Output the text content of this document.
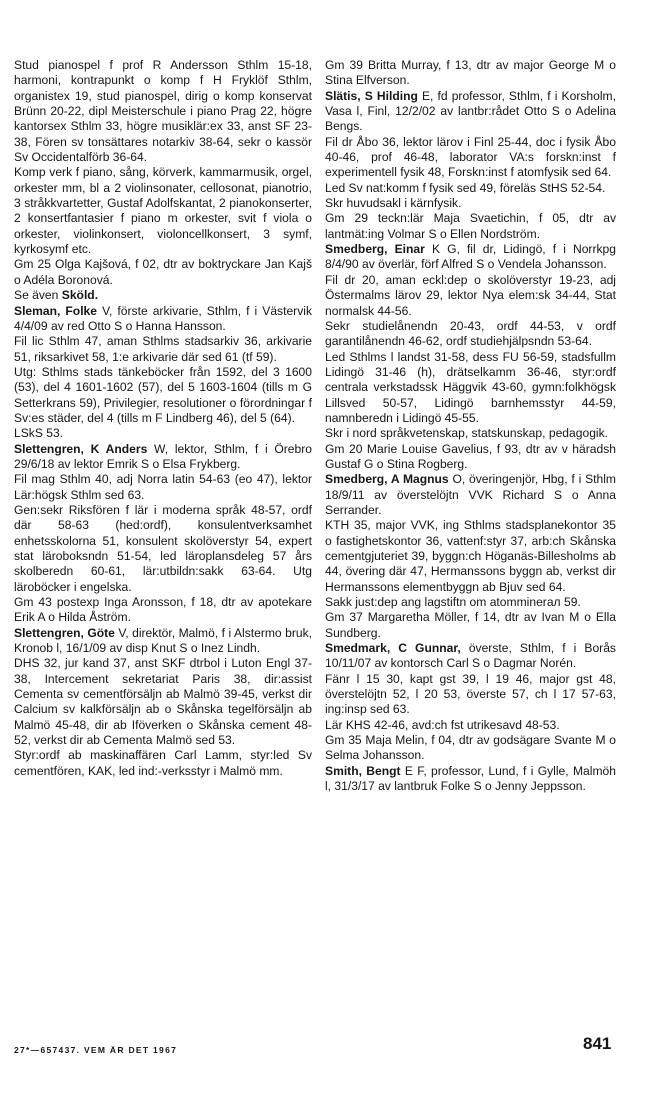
Stud pianospel f prof R Andersson Sthlm 15-18, harmoni, kontrapunkt o komp f H Fryklöf Sthlm, organistex 19, stud pianospel, dirig o komp konservat Brünn 20-22, dipl Meisterschule i piano Prag 22, högre kantorsex Sthlm 33, högre musiklär:ex 33, anst SF 23-38, Fören sv tonsättares notarkiv 38-64, sekr o kassör Sv Occidentalförb 36-64.

Komp verk f piano, sång, körverk, kammarmusik, orgel, orkester mm, bl a 2 violinsonater, cellosonat, pianotrio, 3 stråkkvartetter, Gustaf Adolfskantat, 2 pianokonserter, 2 konsertfantasier f piano m orkester, svit f viola o orkester, violinkonsert, violoncellkonsert, 3 symf, kyrkosymf etc.

Gm 25 Olga Kajšová, f 02, dtr av boktryckare Jan Kajš o Adéla Boronová.

Se även Sköld.

Sleman, Folke V, förste arkivarie, Sthlm, f i Västervik 4/4/09 av red Otto S o Hanna Hansson.

Fil lic Sthlm 47, aman Sthlms stadsarkiv 36, arkivarie 51, riksarkivet 58, 1:e arkivarie där sed 61 (tf 59).

Utg: Sthlms stads tänkeböcker från 1592, del 3 1600 (53), del 4 1601-1602 (57), del 5 1603-1604 (tills m G Setterkrans 59), Privilegier, resolutioner o förordningar f Sv:es städer, del 4 (tills m F Lindberg 46), del 5 (64).

LSkS 53.

Slettengren, K Anders W, lektor, Sthlm, f i Örebro 29/6/18 av lektor Emrik S o Elsa Frykberg.

Fil mag Sthlm 40, adj Norra latin 54-63 (eo 47), lektor Lär:högsk Sthlm sed 63.

Gen:sekr Riksfören f lär i moderna språk 48-57, ordf där 58-63 (hed:ordf), konsulentverksamhet enhetsskolorna 51, konsulent skolöverstyr 54, expert stat läroboksndn 51-54, led läroplansdeleg 57 års skolberedn 60-61, lär:utbildn:sakk 63-64. Utg läroböcker i engelska.

Gm 43 postexp Inga Aronsson, f 18, dtr av apotekare Erik A o Hilda Åström.

Slettengren, Göte V, direktör, Malmö, f i Alstermo bruk, Kronob l, 16/1/09 av disp Knut S o Inez Lindh.

DHS 32, jur kand 37, anst SKF dtrbol i Luton Engl 37-38, Intercement sekretariat Paris 38, dir:assist Cementa sv cementförsäljn ab Malmö 39-45, verkst dir Calcium sv kalkförsäljn ab o Skånska tegelförsäljn ab Malmö 45-48, dir ab Iföverken o Skånska cement 48-52, verkst dir ab Cementa Malmö sed 53.

Styr:ordf ab maskinaffären Carl Lamm, styr:led Sv cementfören, KAK, led ind:-verksstyr i Malmö mm.

Gm 39 Britta Murray, f 13, dtr av major George M o Stina Elfverson.

Slätis, S Hilding E, fd professor, Sthlm, f i Korsholm, Vasa l, Finl, 12/2/02 av lantbr:rådet Otto S o Adelina Bengs.

Fil dr Åbo 36, lektor lärov i Finl 25-44, doc i fysik Åbo 40-46, prof 46-48, laborator VA:s forskn:inst f experimentell fysik 48, Forskn:inst f atomfysik sed 64.

Led Sv nat:komm f fysik sed 49, föreläs StHS 52-54.

Skr huvudsakl i kärnfysik.

Gm 29 teckn:lär Maja Svaetichin, f 05, dtr av lantmät:ing Volmar S o Ellen Nordström.

Smedberg, Einar K G, fil dr, Lidingö, f i Norrkpg 8/4/90 av överlär, förf Alfred S o Vendela Johansson.

Fil dr 20, aman eckl:dep o skolöverstyr 19-23, adj Östermalms lärov 29, lektor Nya elem:sk 34-44, Stat normalsk 44-56.

Sekr studielånendn 20-43, ordf 44-53, v ordf garantilånendn 46-62, ordf studiehjälpsndn 53-64.

Led Sthlms l landst 31-58, dess FU 56-59, stadsfullm Lidingö 31-46 (h), drätselkamm 36-46, styr:ordf centrala verkstadssk Häggvik 43-60, gymn:folkhögsk Lillsved 50-57, Lidingö barnhemsstyr 44-59, namnberedn i Lidingö 45-55.

Skr i nord språkvetenskap, statskunskap, pedagogik.

Gm 20 Marie Louise Gavelius, f 93, dtr av v häradsh Gustaf G o Stina Rogberg.

Smedberg, A Magnus O, överingenjör, Hbg, f i Sthlm 18/9/11 av överstelöjtn VVK Richard S o Anna Serrander.

KTH 35, major VVK, ing Sthlms stadsplanekontor 35 o fastighetskontor 36, vattenf:styr 37, arb:ch Skånska cementgjuteriet 39, byggn:ch Höganäs-Billesholms ab 44, övering där 47, Hermanssons byggn ab, verkst dir Hermanssons elementbyggn ab Bjuv sed 64.

Sakk just:dep ang lagstiftn om atomminerал 59.

Gm 37 Margaretha Möller, f 14, dtr av Ivan M o Ella Sundberg.

Smedmark, C Gunnar, överste, Sthlm, f i Borås 10/11/07 av kontorsch Carl S o Dagmar Norén.

Fänr l 15 30, kapt gst 39, l 19 46, major gst 48, överstelöjtn 52, l 20 53, överste 57, ch l 17 57-63, ing:insp sed 63.

Lär KHS 42-46, avd:ch fst utrikesavd 48-53.

Gm 35 Maja Melin, f 04, dtr av godsägare Svante M o Selma Johansson.

Smith, Bengt E F, professor, Lund, f i Gylle, Malmöh l, 31/3/17 av lantbruk Folke S o Jenny Jeppsson.

27*—657437. VEM ÄR DET 1967	841
